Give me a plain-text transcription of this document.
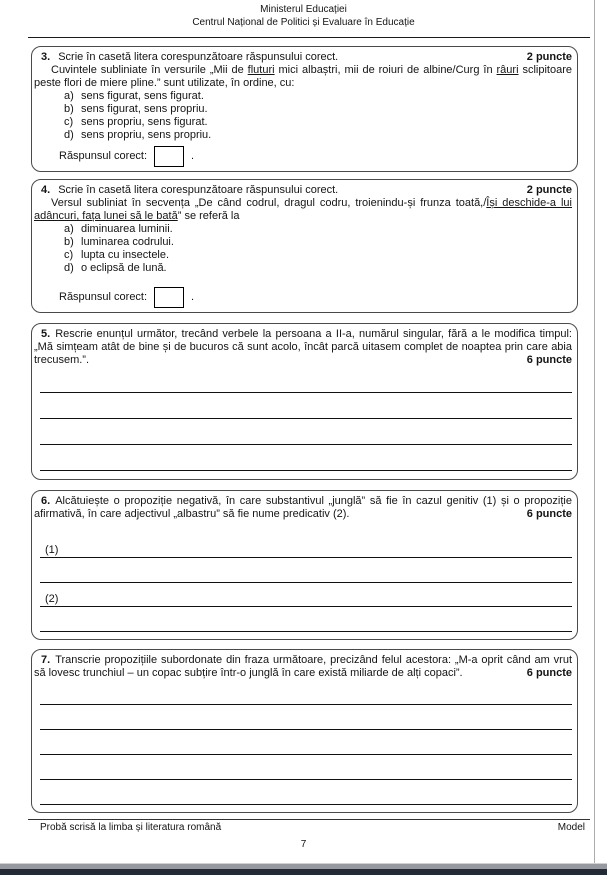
Ministerul Educației
Centrul Național de Politici și Evaluare în Educație
3. Scrie în casetă litera corespunzătoare răspunsului corect.	2 puncte

Cuvintele subliniate în versurile „Mii de fluturi mici albaștri, mii de roiuri de albine/Curg în râuri sclipitoare peste flori de miere pline.” sunt utilizate, în ordine, cu:

a) sens figurat, sens figurat.
b) sens figurat, sens propriu.
c) sens propriu, sens figurat.
d) sens propriu, sens propriu.
Răspunsul corect:	.
4. Scrie în casetă litera corespunzătoare răspunsului corect.	2 puncte

Versul subliniat în secvența „De când codrul, dragul codru, troienindu-și frunza toată,/Își deschide-a lui adâncuri, fața lunei să le bată” se referă la

a) diminuarea luminii.
b) luminarea codrului.
c) lupta cu insectele.
d) o eclipsă de lună.
Răspunsul corect:	.

5. Rescrie enunțul următor, trecând verbele la persoana a II-a, numărul singular, fără a le modifica timpul: „Mă simțeam atât de bine și de bucuros că sunt acolo, încât parcă uitasem complet de noaptea prin care abia trecusem.”.	6 puncte

6. Alcătuiește o propoziție negativă, în care substantivul „junglă” să fie în cazul genitiv (1) și o propoziție afirmativă, în care adjectivul „albastru” să fie nume predicativ (2).	6 puncte

(1)
(2)

7. Transcrie propozițiile subordonate din fraza următoare, precizând felul acestora: „M-a oprit când am vrut să lovesc trunchiul – un copac subțire într-o junglă în care există miliarde de alți copaci”.	6 puncte

Probă scrisă la limba și literatura română	Model
7
